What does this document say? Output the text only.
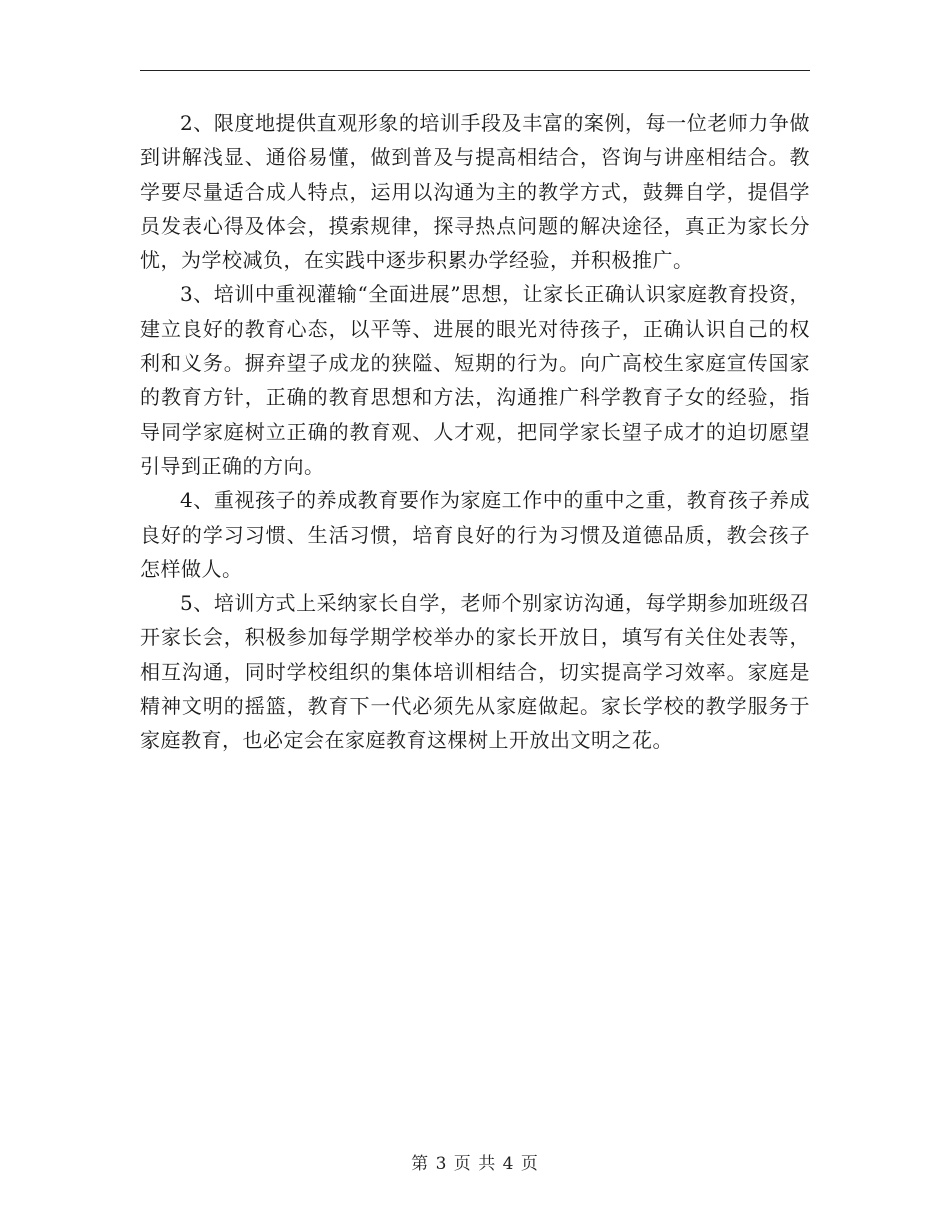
2、限度地提供直观形象的培训手段及丰富的案例，每一位老师力争做到讲解浅显、通俗易懂，做到普及与提高相结合，咨询与讲座相结合。教学要尽量适合成人特点，运用以沟通为主的教学方式，鼓舞自学，提倡学员发表心得及体会，摸索规律，探寻热点问题的解决途径，真正为家长分忧，为学校减负，在实践中逐步积累办学经验，并积极推广。

3、培训中重视灌输“全面进展”思想，让家长正确认识家庭教育投资，建立良好的教育心态，以平等、进展的眼光对待孩子，正确认识自己的权利和义务。摒弃望子成龙的狭隘、短期的行为。向广高校生家庭宣传国家的教育方针，正确的教育思想和方法，沟通推广科学教育子女的经验，指导同学家庭树立正确的教育观、人才观，把同学家长望子成才的迫切愿望引导到正确的方向。

4、重视孩子的养成教育要作为家庭工作中的重中之重，教育孩子养成良好的学习习惯、生活习惯，培育良好的行为习惯及道德品质，教会孩子怎样做人。

5、培训方式上采纳家长自学，老师个别家访沟通，每学期参加班级召开家长会，积极参加每学期学校举办的家长开放日，填写有关住处表等，相互沟通，同时学校组织的集体培训相结合，切实提高学习效率。家庭是精神文明的摇篮，教育下一代必须先从家庭做起。家长学校的教学服务于家庭教育，也必定会在家庭教育这棵树上开放出文明之花。

第 3 页 共 4 页
